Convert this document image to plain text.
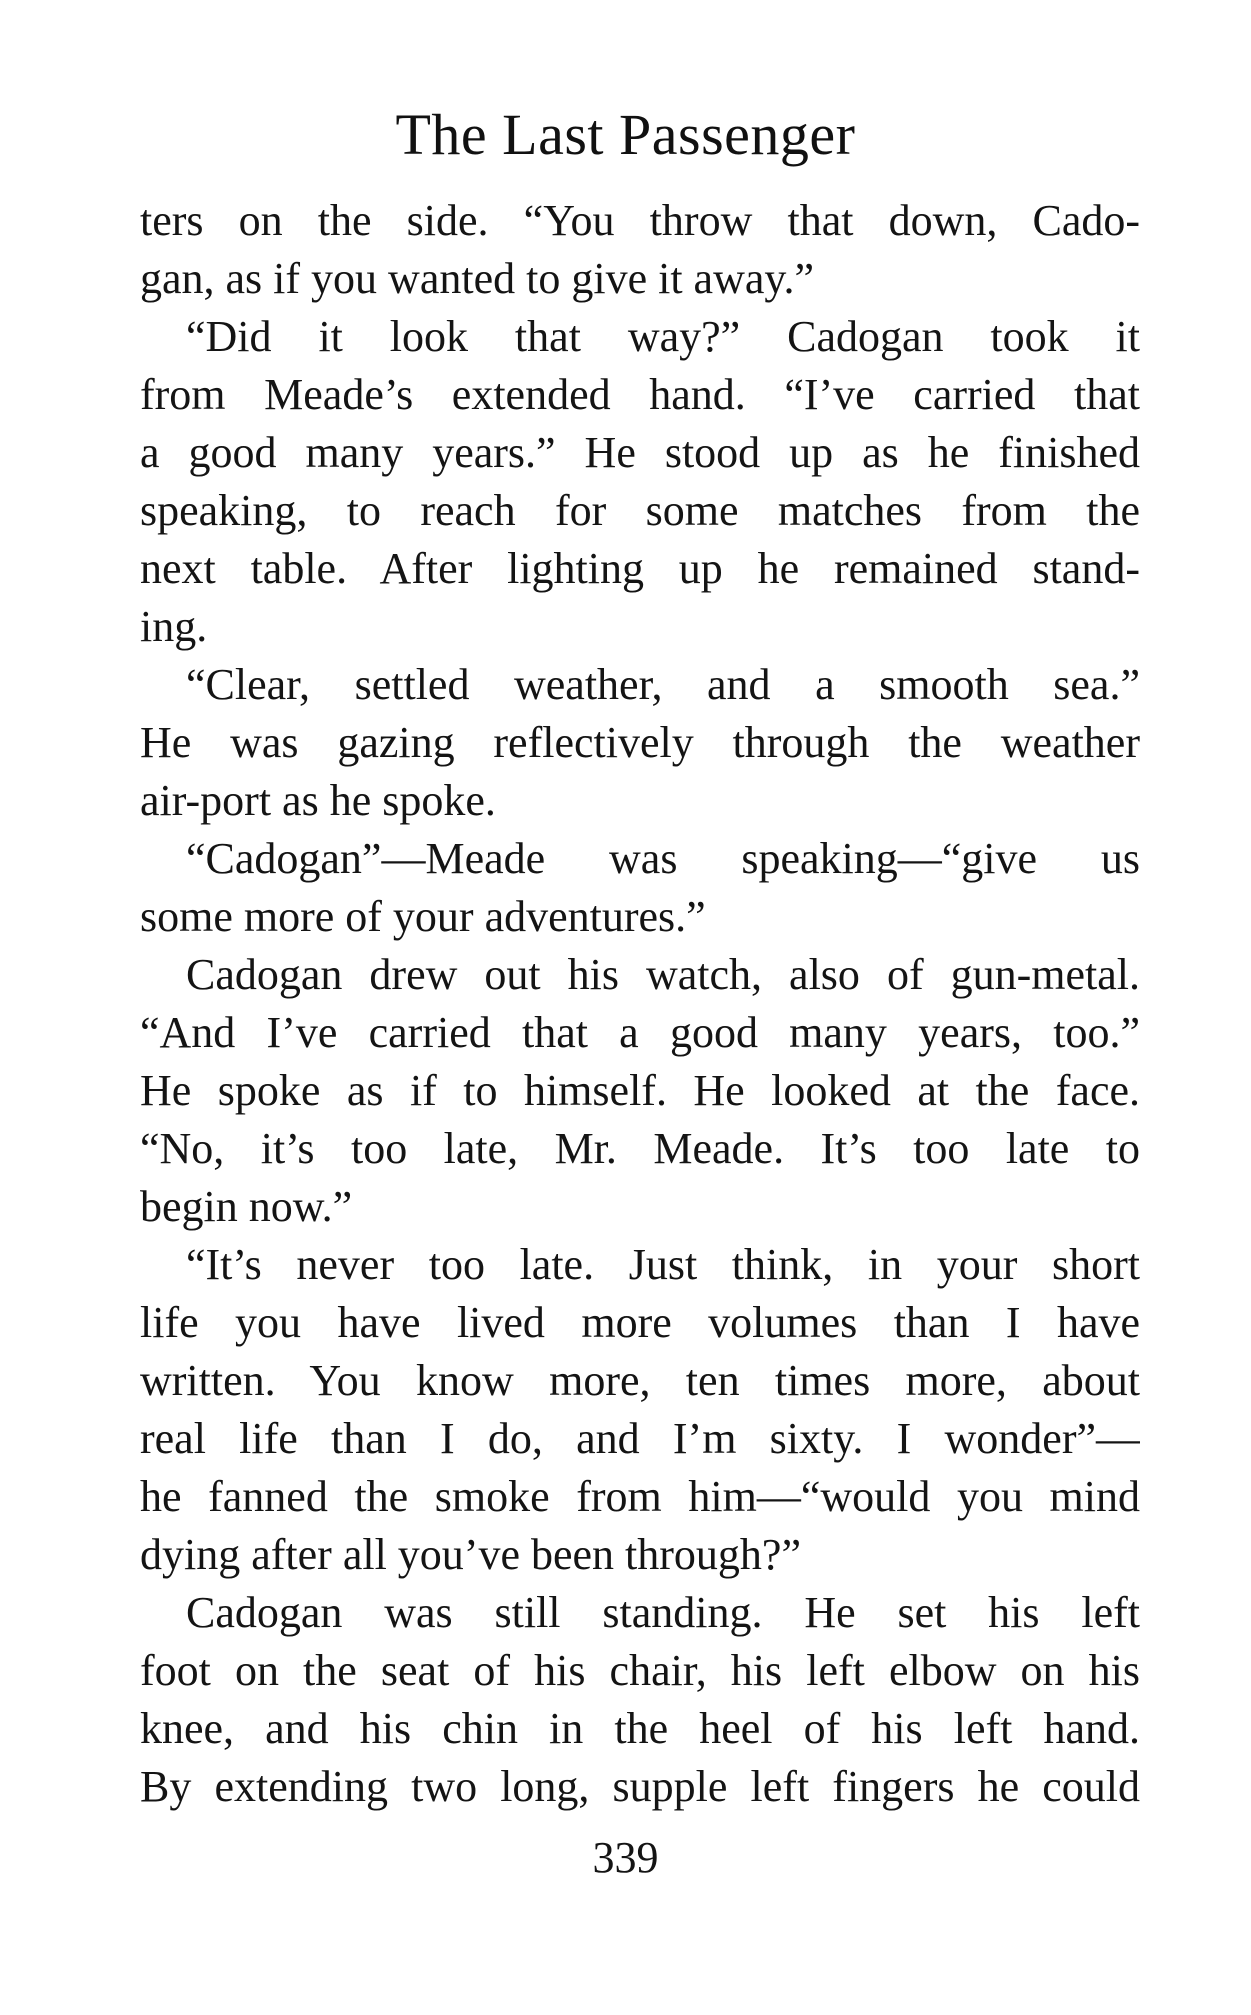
The Last Passenger
ters on the side. “You throw that down, Cado-
gan, as if you wanted to give it away.”
“Did it look that way?” Cadogan took it
from Meade’s extended hand. “I’ve carried that
a good many years.” He stood up as he finished
speaking, to reach for some matches from the
next table. After lighting up he remained stand-
ing.
“Clear, settled weather, and a smooth sea.”
He was gazing reflectively through the weather
air-port as he spoke.
“Cadogan”—Meade was speaking—“give us
some more of your adventures.”
Cadogan drew out his watch, also of gun-metal.
“And I’ve carried that a good many years, too.”
He spoke as if to himself. He looked at the face.
“No, it’s too late, Mr. Meade. It’s too late to
begin now.”
“It’s never too late. Just think, in your short
life you have lived more volumes than I have
written. You know more, ten times more, about
real life than I do, and I’m sixty. I wonder”—
he fanned the smoke from him—“would you mind
dying after all you’ve been through?”
Cadogan was still standing. He set his left
foot on the seat of his chair, his left elbow on his
knee, and his chin in the heel of his left hand.
By extending two long, supple left fingers he could
339
